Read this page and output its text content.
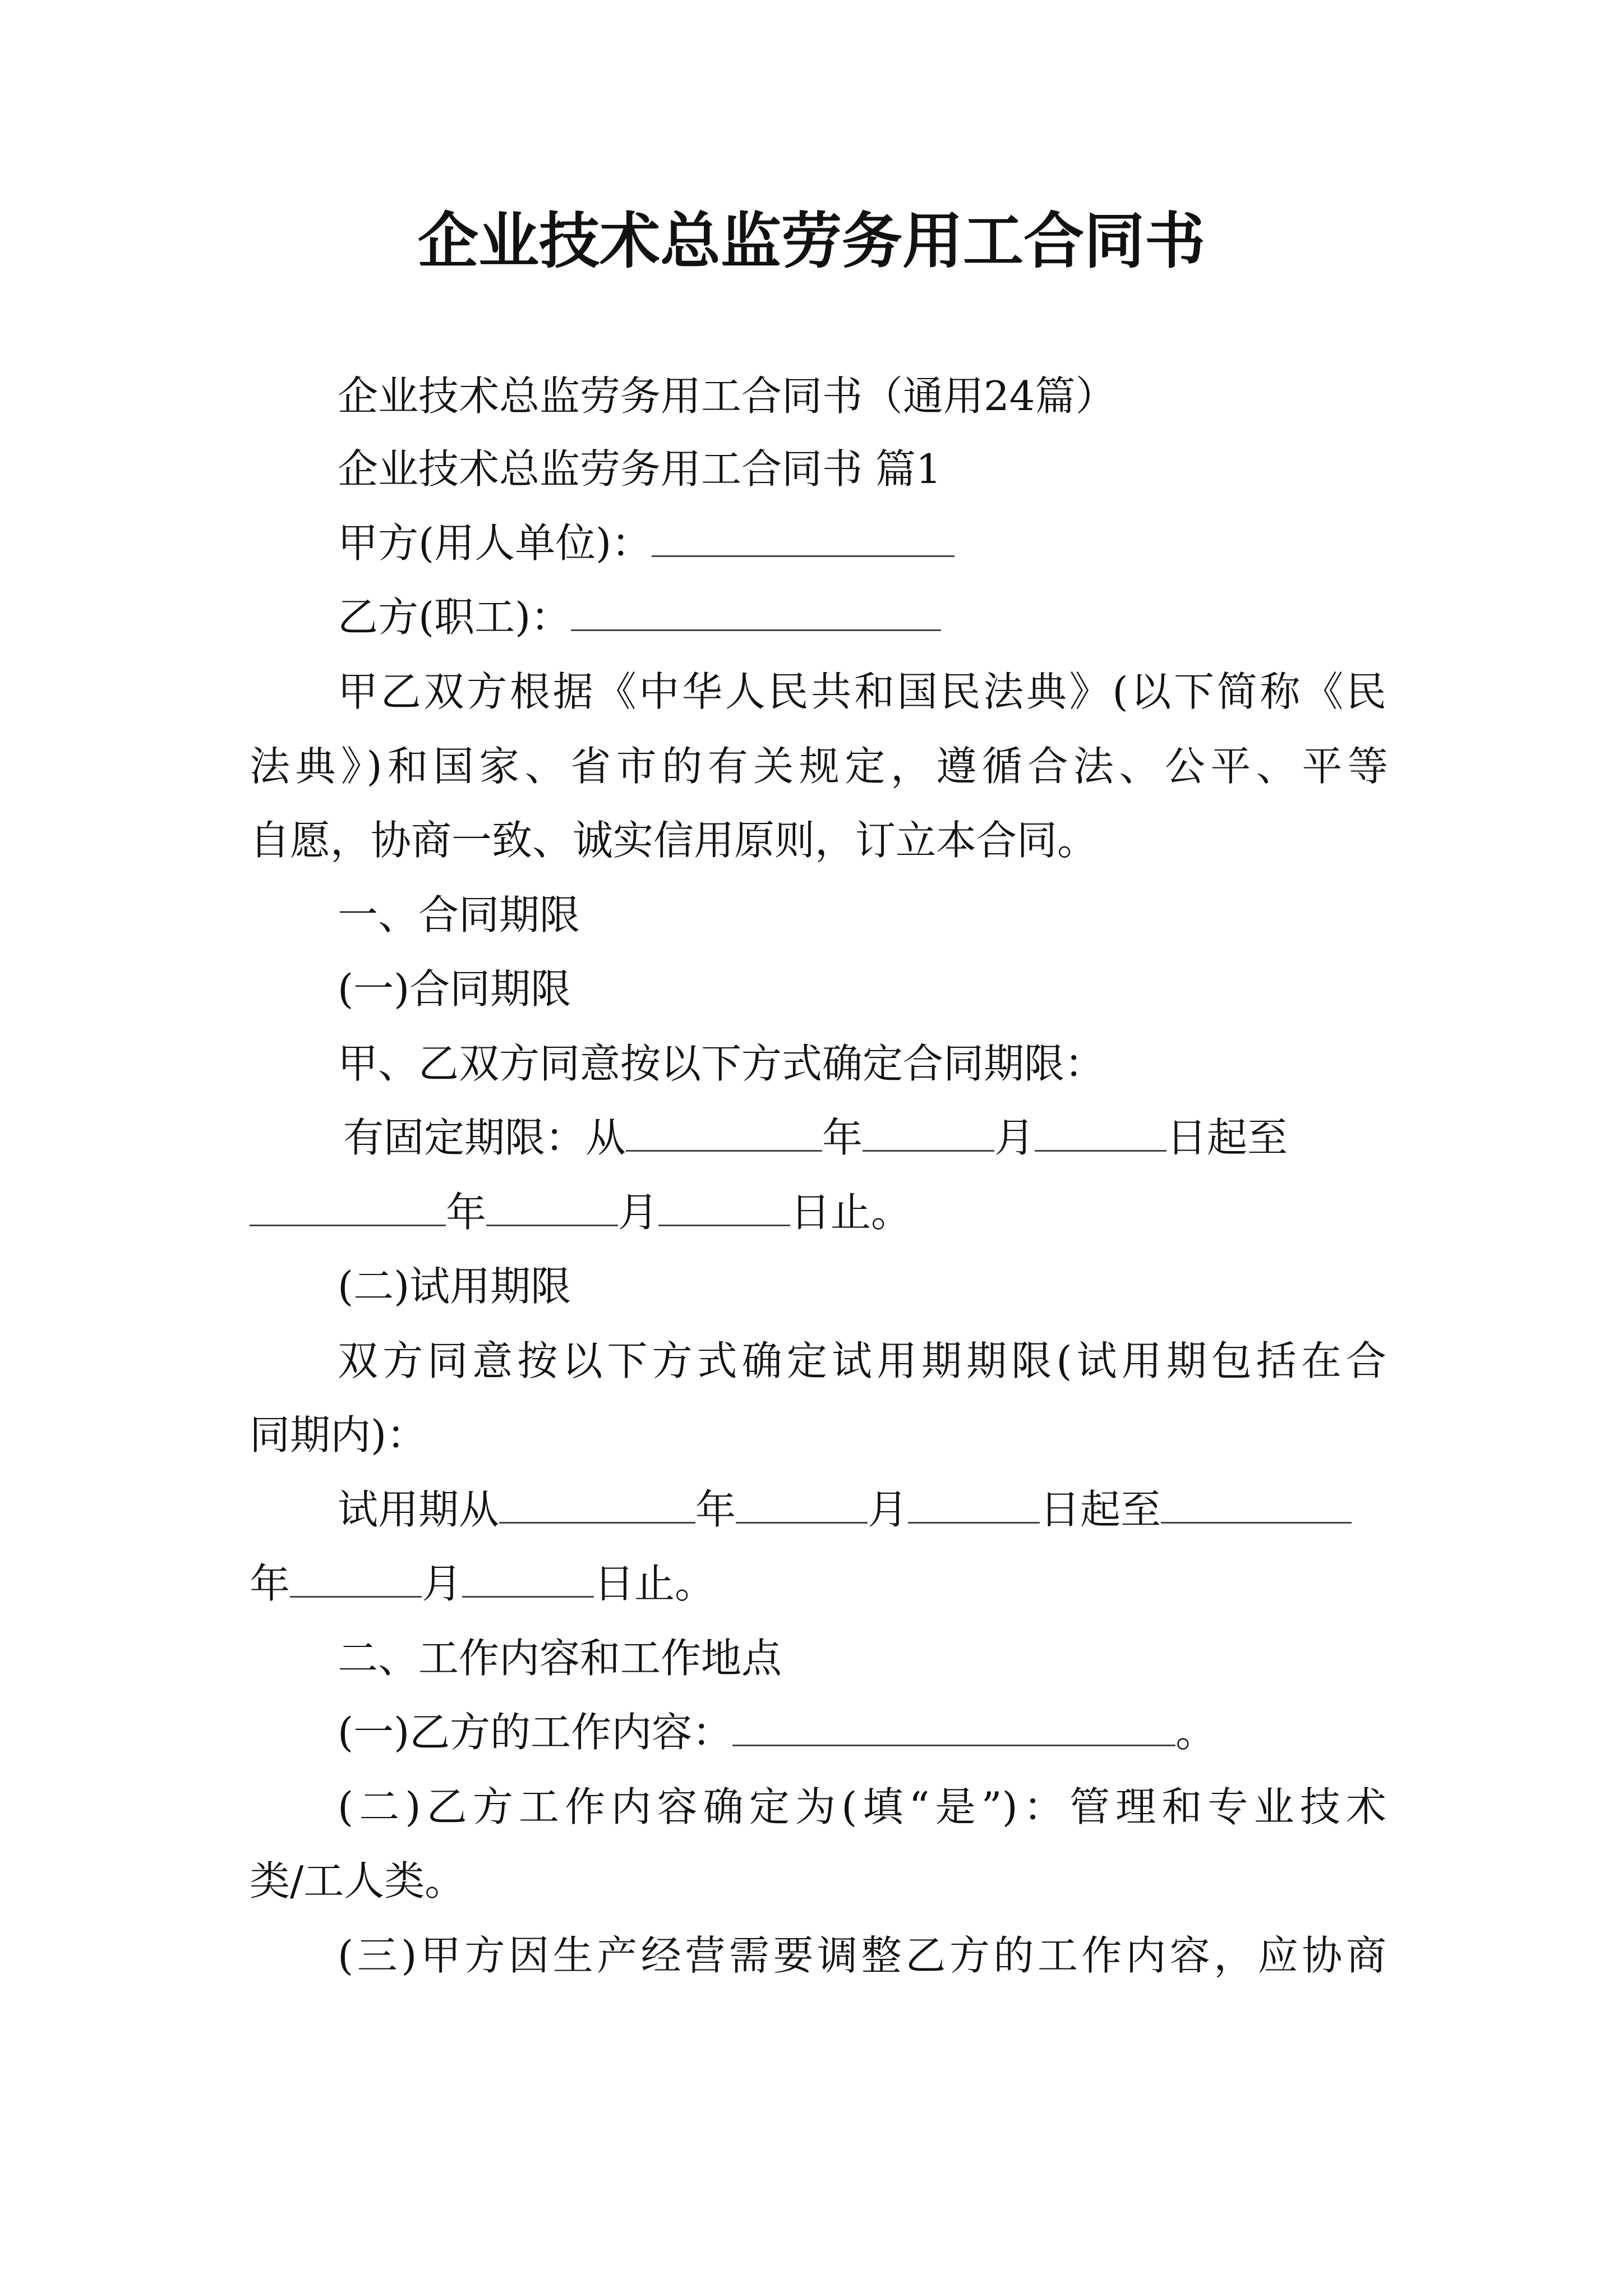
企业技术总监劳务用工合同书
企业技术总监劳务用工合同书（通用24篇）
企业技术总监劳务用工合同书 篇1
甲方(用人单位)：
乙方(职工)：
甲乙双方根据《中华人民共和国民法典》(以下简称《民
法典》)和国家、省市的有关规定，遵循合法、公平、平等
自愿，协商一致、诚实信用原则，订立本合同。
一、合同期限
(一)合同期限
甲、乙双方同意按以下方式确定合同期限：
有固定期限：从	年	月	日起至
年	月	日止。
(二)试用期限
双方同意按以下方式确定试用期期限(试用期包括在合
同期内)：
试用期从	年	月	日起至
年	月	日止。
二、工作内容和工作地点
(一)乙方的工作内容：	。
(二)乙方工作内容确定为(填“是”)：管理和专业技术
类/工人类。
(三)甲方因生产经营需要调整乙方的工作内容，应协商
